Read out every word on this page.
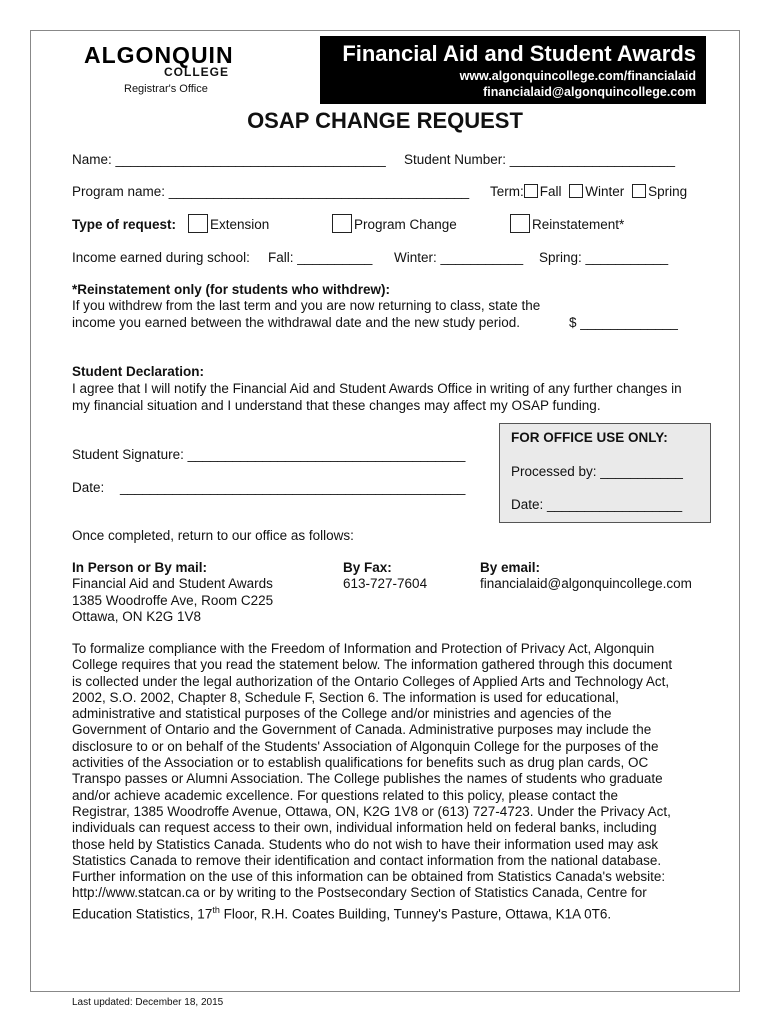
ALGONQUIN
COLLEGE
Registrar's Office
Financial Aid and Student Awards
www.algonquincollege.com/financialaid
financialaid@algonquincollege.com
OSAP CHANGE REQUEST
Name: ____________________________________ Student Number: ______________________
Program name: ________________________________________ Term: Fall Winter Spring
Type of request:	Extension	Program Change	Reinstatement*
Income earned during school: Fall: __________ Winter: ___________ Spring: ___________
*Reinstatement only (for students who withdrew):
If you withdrew from the last term and you are now returning to class, state the
income you earned between the withdrawal date and the new study period.	$ _____________
Student Declaration:
I agree that I will notify the Financial Aid and Student Awards Office in writing of any further changes in
my financial situation and I understand that these changes may affect my OSAP funding.
Student Signature: _____________________________________
Date: ______________________________________________
FOR OFFICE USE ONLY:
Processed by: ___________
Date: __________________
Once completed, return to our office as follows:
In Person or By mail:
Financial Aid and Student Awards
1385 Woodroffe Ave, Room C225
Ottawa, ON K2G 1V8
By Fax:
613-727-7604
By email:
financialaid@algonquincollege.com
To formalize compliance with the Freedom of Information and Protection of Privacy Act, Algonquin
College requires that you read the statement below. The information gathered through this document
is collected under the legal authorization of the Ontario Colleges of Applied Arts and Technology Act,
2002, S.O. 2002, Chapter 8, Schedule F, Section 6. The information is used for educational,
administrative and statistical purposes of the College and/or ministries and agencies of the
Government of Ontario and the Government of Canada. Administrative purposes may include the
disclosure to or on behalf of the Students' Association of Algonquin College for the purposes of the
activities of the Association or to establish qualifications for benefits such as drug plan cards, OC
Transpo passes or Alumni Association. The College publishes the names of students who graduate
and/or achieve academic excellence. For questions related to this policy, please contact the
Registrar, 1385 Woodroffe Avenue, Ottawa, ON, K2G 1V8 or (613) 727-4723. Under the Privacy Act,
individuals can request access to their own, individual information held on federal banks, including
those held by Statistics Canada. Students who do not wish to have their information used may ask
Statistics Canada to remove their identification and contact information from the national database.
Further information on the use of this information can be obtained from Statistics Canada's website:
http://www.statcan.ca or by writing to the Postsecondary Section of Statistics Canada, Centre for
Education Statistics, 17th Floor, R.H. Coates Building, Tunney's Pasture, Ottawa, K1A 0T6.
Last updated: December 18, 2015
